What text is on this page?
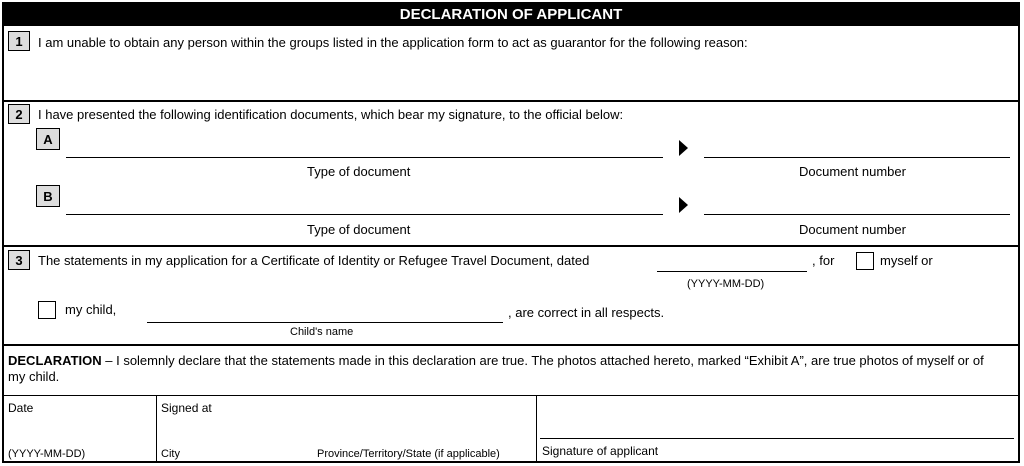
DECLARATION OF APPLICANT
1	I am unable to obtain any person within the groups listed in the application form to act as guarantor for the following reason:
2	I have presented the following identification documents, which bear my signature, to the official below:
A
Type of document	Document number
B
Type of document	Document number
3	The statements in my application for a Certificate of Identity or Refugee Travel Document, dated
(YYYY-MM-DD)
, for	myself or
my child,
Child's name
, are correct in all respects.
DECLARATION – I solemnly declare that the statements made in this declaration are true. The photos attached hereto, marked “Exhibit A”, are true photos of myself or of my child.
Date
(YYYY-MM-DD)
Signed at
City	Province/Territory/State (if applicable)	Signature of applicant
